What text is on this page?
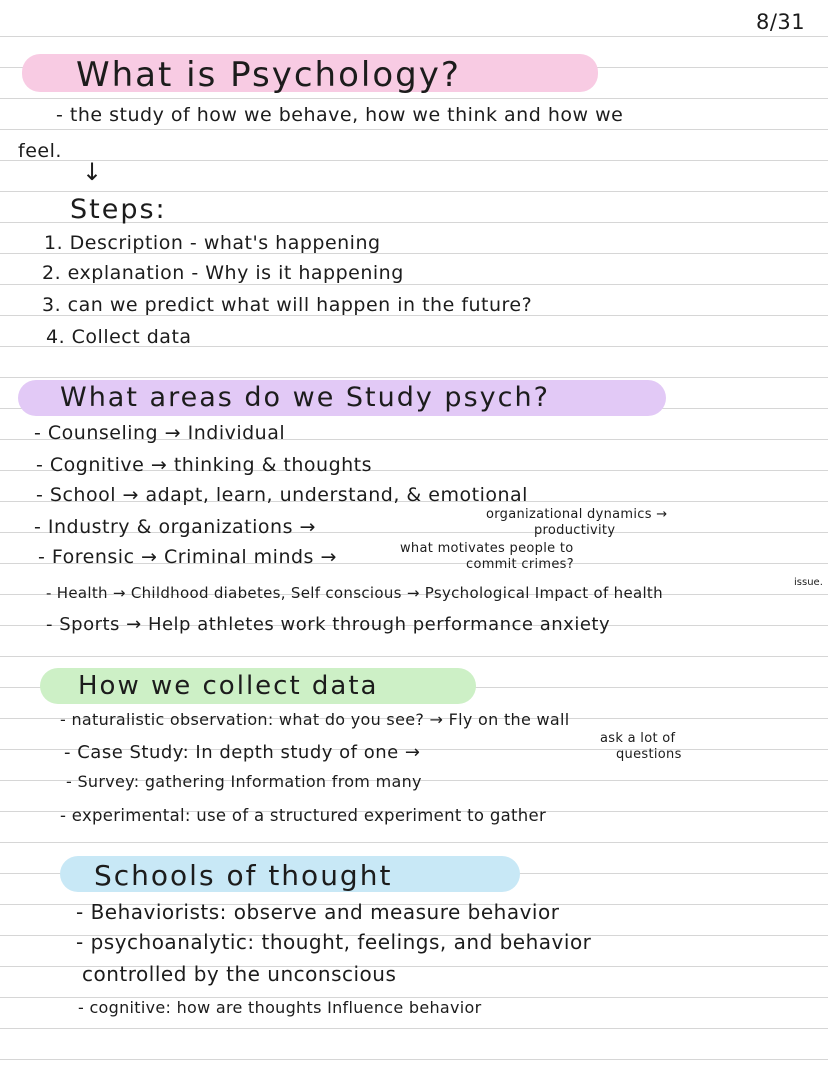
8/31
What is Psychology?
- the study of how we behave, how we think and how we
feel.
↓
Steps:
1. Description - what's happening
2. explanation - Why is it happening
3. can we predict what will happen in the future?
4. Collect data
What areas do we Study psych?
- Counseling → Individual
- Cognitive → thinking & thoughts
- School → adapt, learn, understand, & emotional
- Industry & organizations →
organizational dynamics →
productivity
- Forensic → Criminal minds →	what motivates people to
commit crimes?
- Health → Childhood diabetes, Self conscious → Psychological Impact of health
issue.
- Sports → Help athletes work through performance anxiety
How we collect data
- naturalistic observation: what do you see? → Fly on the wall
- Case Study: In depth study of one →
ask a lot of
questions
- Survey: gathering Information from many
- experimental: use of a structured experiment to gather
Schools of thought
- Behaviorists: observe and measure behavior
- psychoanalytic: thought, feelings, and behavior
controlled by the unconscious
- cognitive: how are thoughts Influence behavior
